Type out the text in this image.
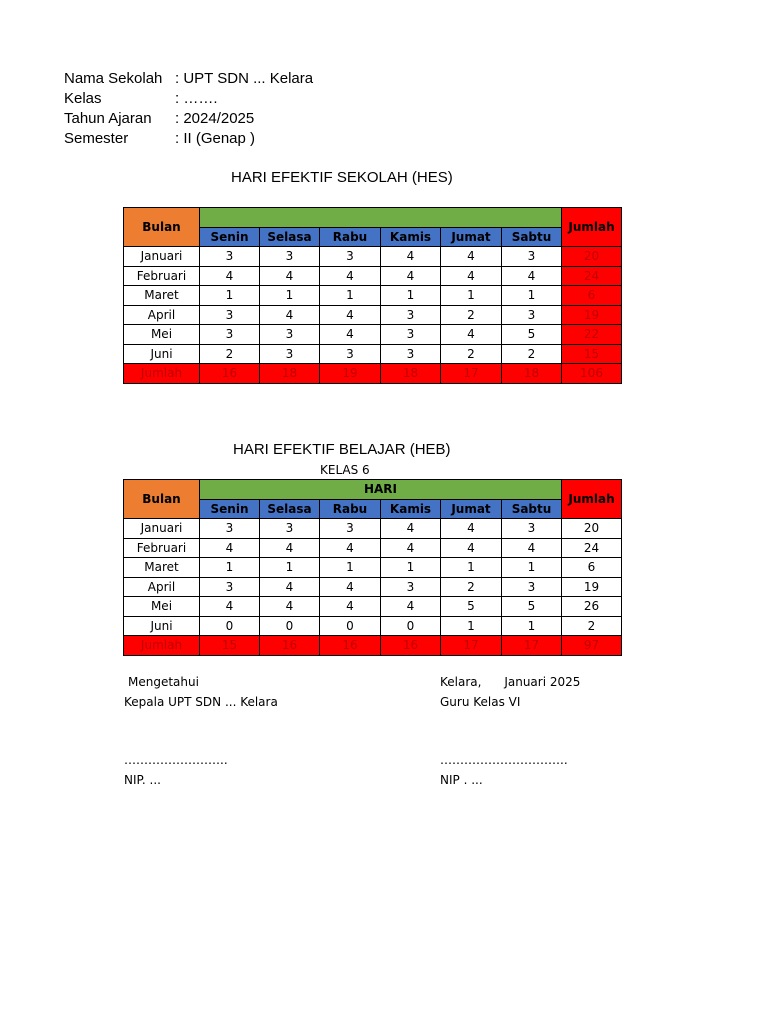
Nama Sekolah : UPT SDN ... Kelara
Kelas	: …….
Tahun Ajaran : 2024/2025
Semester	: II (Genap )
HARI EFEKTIF SEKOLAH (HES)
Bulan							Jumlah
	Senin	Selasa	Rabu	Kamis	Jumat	Sabtu	
Januari	3	3	3	4	4	3	20
Februari	4	4	4	4	4	4	24
Maret	1	1	1	1	1	1	6
April	3	4	4	3	2	3	19
Mei	3	3	4	3	4	5	22
Juni	2	3	3	3	2	2	15
Jumlah	16	18	19	18	17	18	106
HARI EFEKTIF BELAJAR (HEB)
KELAS 6
Bulan	HARI						Jumlah
	Senin	Selasa	Rabu	Kamis	Jumat	Sabtu	
Januari	3	3	3	4	4	3	20
Februari	4	4	4	4	4	4	24
Maret	1	1	1	1	1	1	6
April	3	4	4	3	2	3	19
Mei	4	4	4	4	5	5	26
Juni	0	0	0	0	1	1	2
Jumlah	15	16	16	16	17	17	97
Mengetahui
Kepala UPT SDN ... Kelara
……………………..
NIP. ...
Kelara,      Januari 2025
Guru Kelas VI
…………………………..
NIP . ...
